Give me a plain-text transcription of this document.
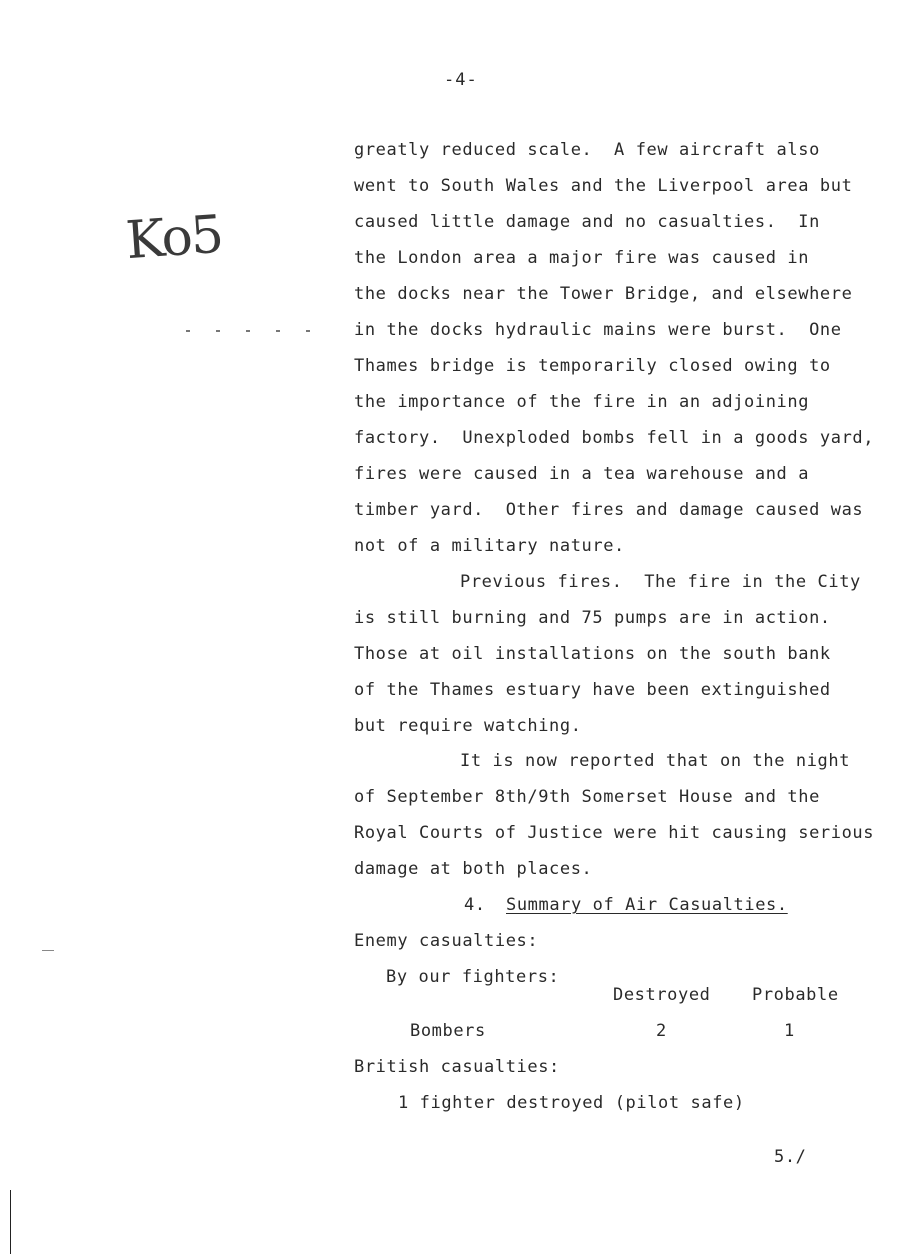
-4-
Ko5
greatly reduced scale.  A few aircraft also
went to South Wales and the Liverpool area but
caused little damage and no casualties.  In
the London area a major fire was caused in
the docks near the Tower Bridge, and elsewhere
in the docks hydraulic mains were burst.  One
Thames bridge is temporarily closed owing to
the importance of the fire in an adjoining
factory.  Unexploded bombs fell in a goods yard,
fires were caused in a tea warehouse and a
timber yard.  Other fires and damage caused was
not of a military nature.
Previous fires.  The fire in the City
is still burning and 75 pumps are in action.
Those at oil installations on the south bank
of the Thames estuary have been extinguished
but require watching.
It is now reported that on the night
of September 8th/9th Somerset House and the
Royal Courts of Justice were hit causing serious
damage at both places.
4. Summary of Air Casualties.
Enemy casualties:
By our fighters:
Destroyed Probable
Bombers	2	1
British casualties:
1 fighter destroyed (pilot safe)
5./
